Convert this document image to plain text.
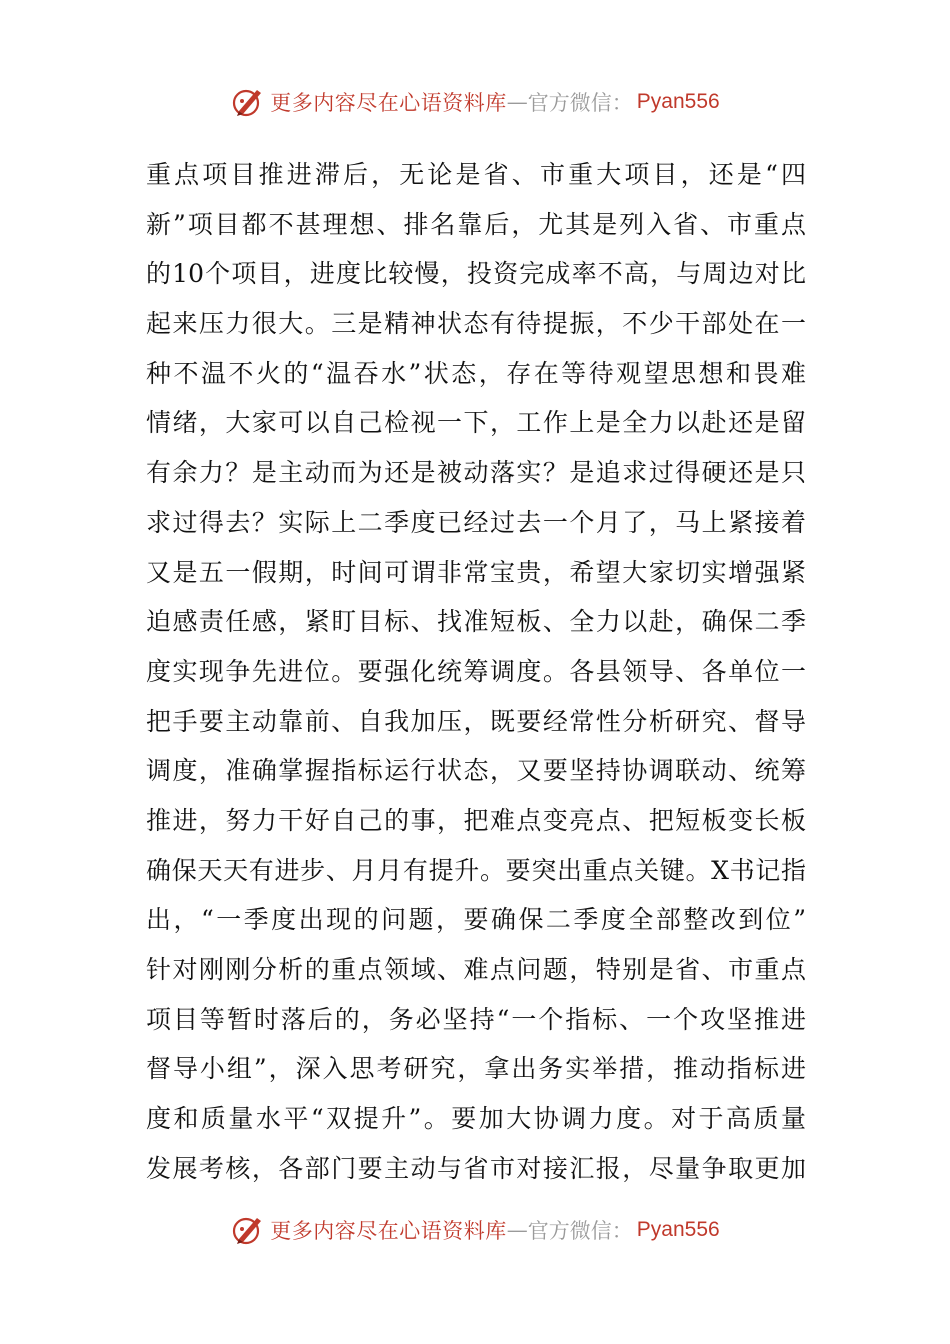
更多内容尽在心语资料库 — 官方微信： Pyan556
重点项目推进滞后，无论是省、市重大项目，还是“四
新”项目都不甚理想、排名靠后，尤其是列入省、市重点
的10个项目，进度比较慢，投资完成率不高，与周边对比
起来压力很大。三是精神状态有待提振，不少干部处在一
种不温不火的“温吞水”状态，存在等待观望思想和畏难
情绪，大家可以自己检视一下，工作上是全力以赴还是留
有余力？是主动而为还是被动落实？是追求过得硬还是只
求过得去？实际上二季度已经过去一个月了，马上紧接着
又是五一假期，时间可谓非常宝贵，希望大家切实增强紧
迫感责任感，紧盯目标、找准短板、全力以赴，确保二季
度实现争先进位。要强化统筹调度。各县领导、各单位一
把手要主动靠前、自我加压，既要经常性分析研究、督导
调度，准确掌握指标运行状态，又要坚持协调联动、统筹
推进，努力干好自己的事，把难点变亮点、把短板变长板
确保天天有进步、月月有提升。要突出重点关键。X书记指
出，“一季度出现的问题，要确保二季度全部整改到位”
针对刚刚分析的重点领域、难点问题，特别是省、市重点
项目等暂时落后的，务必坚持“一个指标、一个攻坚推进
督导小组”，深入思考研究，拿出务实举措，推动指标进
度和质量水平“双提升”。要加大协调力度。对于高质量
发展考核，各部门要主动与省市对接汇报，尽量争取更加
更多内容尽在心语资料库 — 官方微信： Pyan556
